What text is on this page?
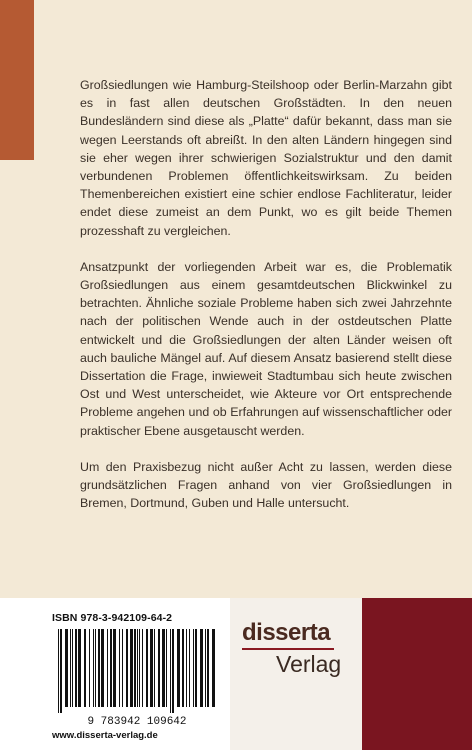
Großsiedlungen wie Hamburg-Steilshoop oder Berlin-Marzahn gibt es in fast allen deutschen Großstädten. In den neuen Bundesländern sind diese als „Platte“ dafür bekannt, dass man sie wegen Leerstands oft abreißt. In den alten Ländern hingegen sind sie eher wegen ihrer schwierigen Sozialstruktur und den damit verbundenen Problemen öffentlichkeitswirksam. Zu beiden Themenbereichen existiert eine schier endlose Fachliteratur, leider endet diese zumeist an dem Punkt, wo es gilt beide Themen prozesshaft zu vergleichen.

Ansatzpunkt der vorliegenden Arbeit war es, die Problematik Großsiedlungen aus einem gesamtdeutschen Blickwinkel zu betrachten. Ähnliche soziale Probleme haben sich zwei Jahrzehnte nach der politischen Wende auch in der ostdeutschen Platte entwickelt und die Großsiedlungen der alten Länder weisen oft auch bauliche Mängel auf. Auf diesem Ansatz basierend stellt diese Dissertation die Frage, inwieweit Stadtumbau sich heute zwischen Ost und West unterscheidet, wie Akteure vor Ort entsprechende Probleme angehen und ob Erfahrungen auf wissenschaftlicher oder praktischer Ebene ausgetauscht werden.

Um den Praxisbezug nicht außer Acht zu lassen, werden diese grundsätzlichen Fragen anhand von vier Großsiedlungen in Bremen, Dortmund, Guben und Halle untersucht.

ISBN 978-3-942109-64-2
9 783942 109642
www.disserta-verlag.de
disserta
Verlag
